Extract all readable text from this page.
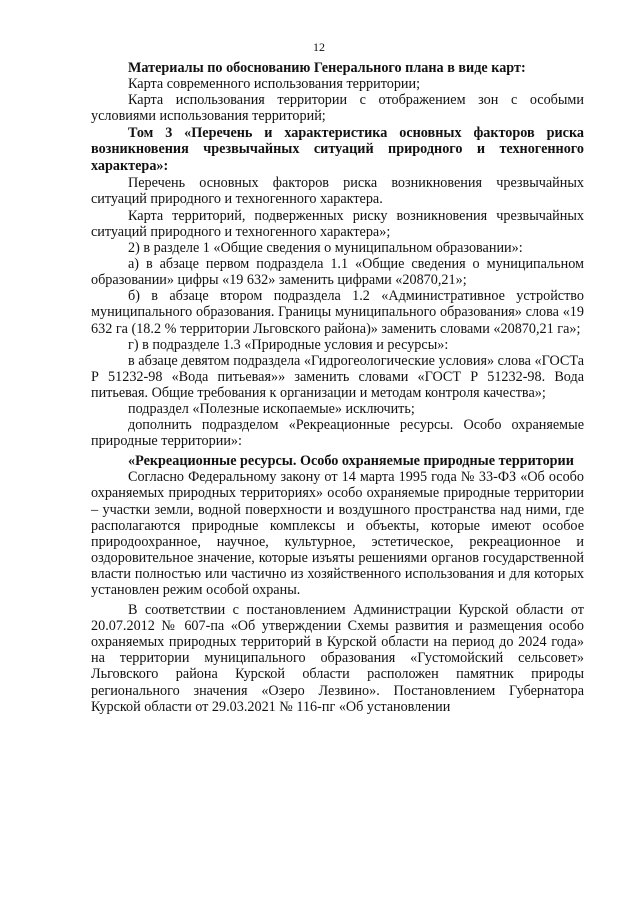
12

Материалы по обоснованию Генерального плана в виде карт:

Карта современного использования территории;

Карта использования территории с отображением зон с особыми условиями использования территорий;

Том 3 «Перечень и характеристика основных факторов риска возникновения чрезвычайных ситуаций природного и техногенного характера»:

Перечень основных факторов риска возникновения чрезвычайных ситуаций природного и техногенного характера.

Карта территорий, подверженных риску возникновения чрезвычайных ситуаций природного и техногенного характера»;

2) в разделе 1 «Общие сведения о муниципальном образовании»:

а) в абзаце первом подраздела 1.1 «Общие сведения о муниципальном образовании» цифры «19 632» заменить цифрами «20870,21»;

б) в абзаце втором подраздела 1.2 «Административное устройство муниципального образования. Границы муниципального образования» слова «19 632 га (18.2 % территории Льговского района)» заменить словами «20870,21 га»;

г) в подразделе 1.3 «Природные условия и ресурсы»:

в абзаце девятом подраздела «Гидрогеологические условия» слова «ГОСТа Р 51232-98 «Вода питьевая»» заменить словами «ГОСТ Р 51232-98. Вода питьевая. Общие требования к организации и методам контроля качества»;

подраздел «Полезные ископаемые» исключить;

дополнить подразделом «Рекреационные ресурсы. Особо охраняемые природные территории»:

«Рекреационные ресурсы. Особо охраняемые природные территории

Согласно Федеральному закону от 14 марта 1995 года № 33-ФЗ «Об особо охраняемых природных территориях» особо охраняемые природные территории – участки земли, водной поверхности и воздушного пространства над ними, где располагаются природные комплексы и объекты, которые имеют особое природоохранное, научное, культурное, эстетическое, рекреационное и оздоровительное значение, которые изъяты решениями органов государственной власти полностью или частично из хозяйственного использования и для которых установлен режим особой охраны.

В соответствии с постановлением Администрации Курской области от 20.07.2012 № 607-па «Об утверждении Схемы развития и размещения особо охраняемых природных территорий в Курской области на период до 2024 года» на территории муниципального образования «Густомойский сельсовет» Льговского района Курской области расположен памятник природы регионального значения «Озеро Лезвино». Постановлением Губернатора Курской области от 29.03.2021 № 116-пг «Об установлении
